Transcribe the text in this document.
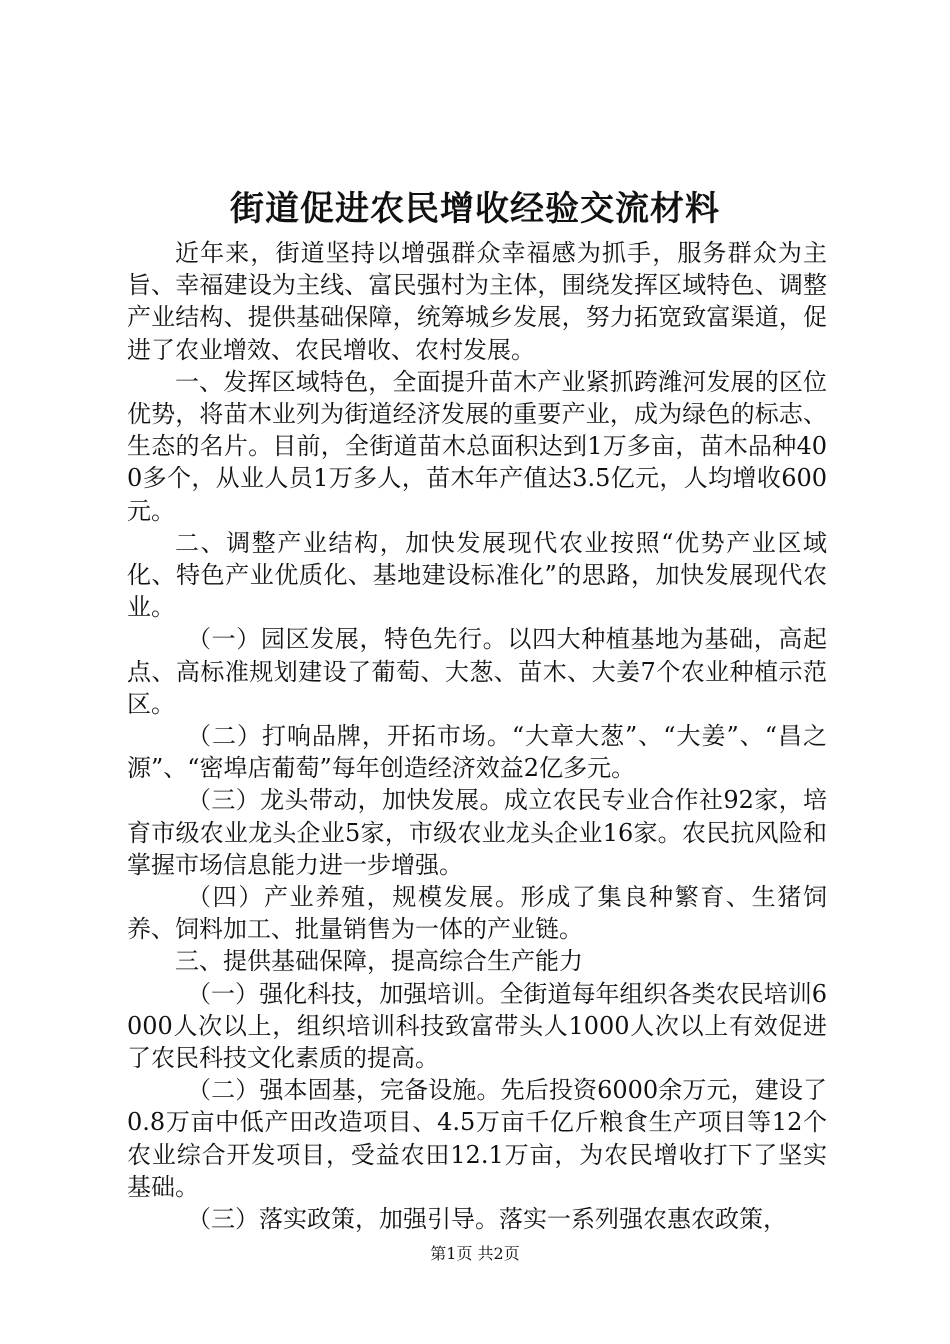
街道促进农民增收经验交流材料

近年来，街道坚持以增强群众幸福感为抓手，服务群众为主旨、幸福建设为主线、富民强村为主体，围绕发挥区域特色、调整产业结构、提供基础保障，统筹城乡发展，努力拓宽致富渠道，促进了农业增效、农民增收、农村发展。

一、发挥区域特色，全面提升苗木产业紧抓跨潍河发展的区位优势，将苗木业列为街道经济发展的重要产业，成为绿色的标志、生态的名片。目前，全街道苗木总面积达到1万多亩，苗木品种400多个，从业人员1万多人，苗木年产值达3.5亿元，人均增收600元。

二、调整产业结构，加快发展现代农业按照“优势产业区域化、特色产业优质化、基地建设标准化”的思路，加快发展现代农业。

（一）园区发展，特色先行。以四大种植基地为基础，高起点、高标准规划建设了葡萄、大葱、苗木、大姜7个农业种植示范区。

（二）打响品牌，开拓市场。“大章大葱”、“大姜”、“昌之源”、“密埠店葡萄”每年创造经济效益2亿多元。

（三）龙头带动，加快发展。成立农民专业合作社92家，培育市级农业龙头企业5家，市级农业龙头企业16家。农民抗风险和掌握市场信息能力进一步增强。

（四）产业养殖，规模发展。形成了集良种繁育、生猪饲养、饲料加工、批量销售为一体的产业链。

三、提供基础保障，提高综合生产能力

（一）强化科技，加强培训。全街道每年组织各类农民培训6000人次以上，组织培训科技致富带头人1000人次以上有效促进了农民科技文化素质的提高。

（二）强本固基，完备设施。先后投资6000余万元，建设了0.8万亩中低产田改造项目、4.5万亩千亿斤粮食生产项目等12个农业综合开发项目，受益农田12.1万亩，为农民增收打下了坚实基础。

（三）落实政策，加强引导。落实一系列强农惠农政策，

第1页 共2页
